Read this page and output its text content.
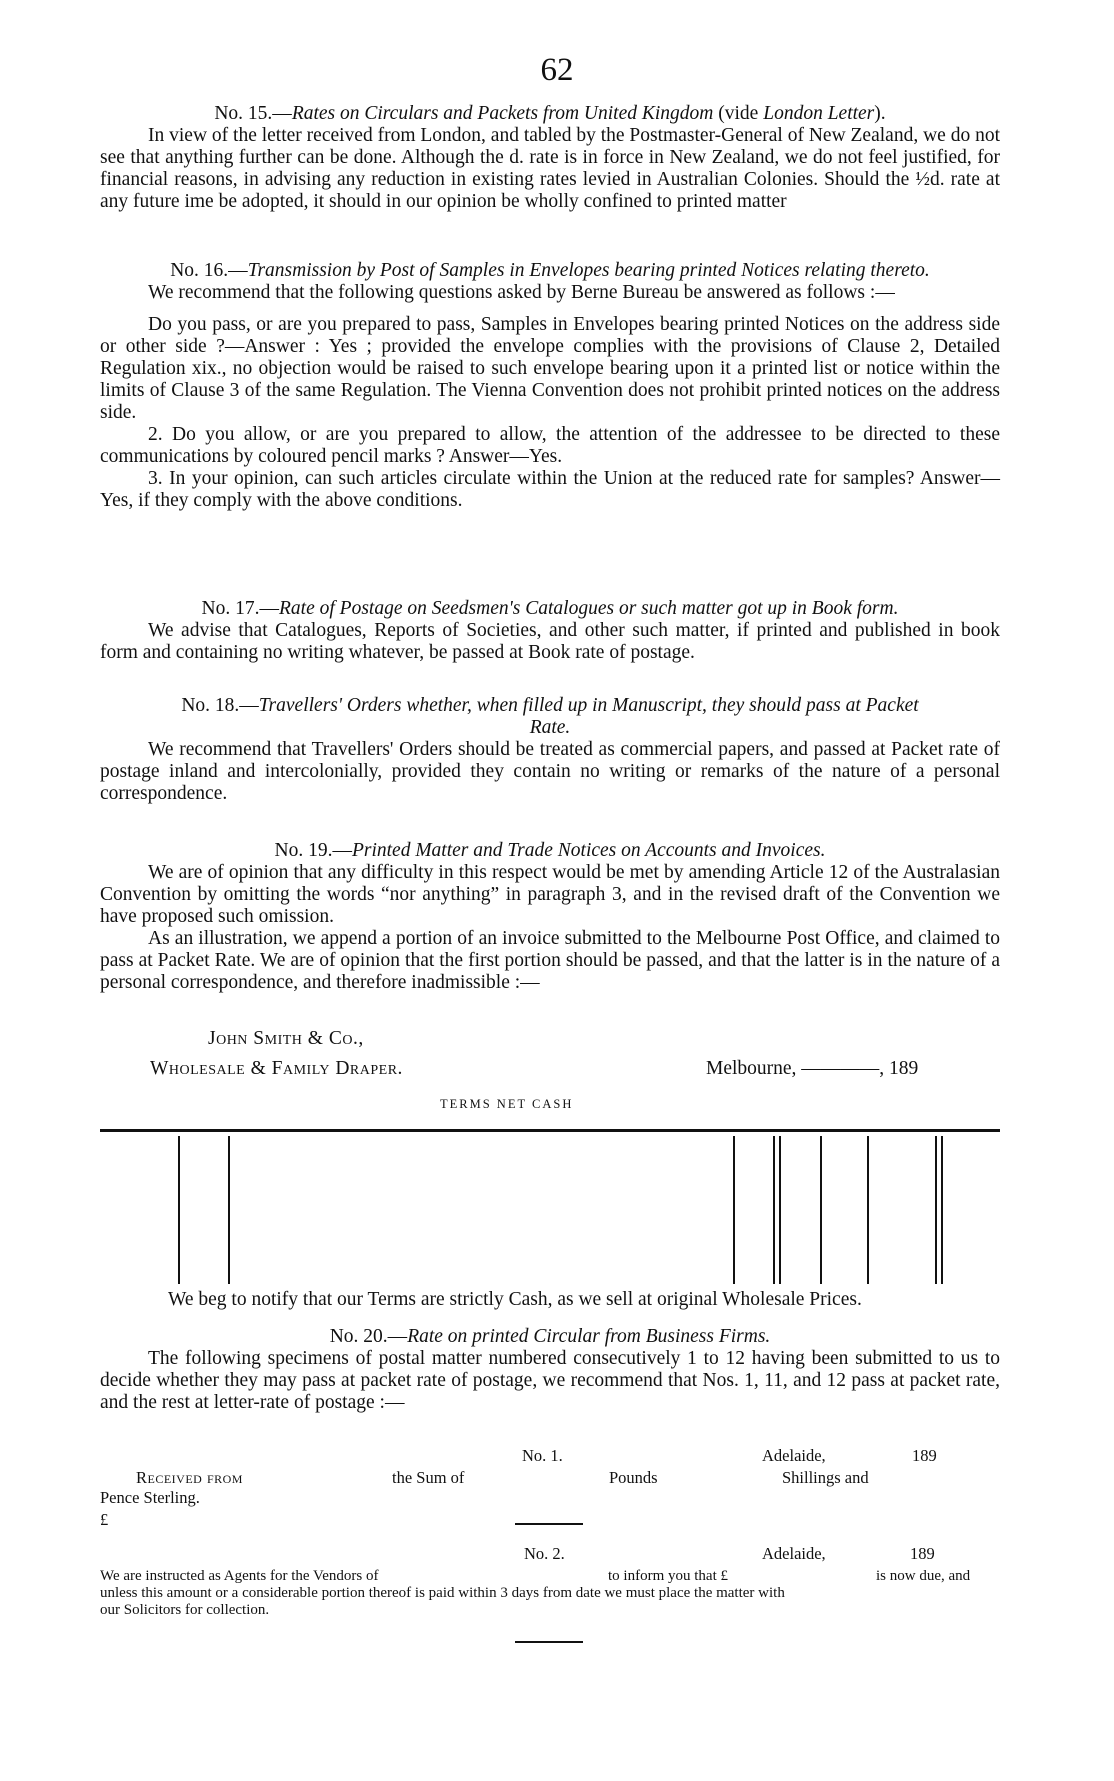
62
No. 15.—Rates on Circulars and Packets from United Kingdom (vide London Letter).

In view of the letter received from London, and tabled by the Postmaster-General of New Zealand, we do not see that anything further can be done. Although the d. rate is in force in New Zealand, we do not feel justified, for financial reasons, in advising any reduction in existing rates levied in Australian Colonies. Should the ½d. rate at any future ime be adopted, it should in our opinion be wholly confined to printed matter

No. 16.—Transmission by Post of Samples in Envelopes bearing printed Notices relating thereto.

We recommend that the following questions asked by Berne Bureau be answered as follows :—

Do you pass, or are you prepared to pass, Samples in Envelopes bearing printed Notices on the address side or other side ?—Answer : Yes ; provided the envelope complies with the provisions of Clause 2, Detailed Regulation xix., no objection would be raised to such envelope bearing upon it a printed list or notice within the limits of Clause 3 of the same Regulation. The Vienna Convention does not prohibit printed notices on the address side.

2. Do you allow, or are you prepared to allow, the attention of the addressee to be directed to these communications by coloured pencil marks ? Answer—Yes.

3. In your opinion, can such articles circulate within the Union at the reduced rate for samples? Answer—Yes, if they comply with the above conditions.

No. 17.—Rate of Postage on Seedsmen's Catalogues or such matter got up in Book form.

We advise that Catalogues, Reports of Societies, and other such matter, if printed and published in book form and containing no writing whatever, be passed at Book rate of postage.

No. 18.—Travellers' Orders whether, when filled up in Manuscript, they should pass at Packet Rate.

We recommend that Travellers' Orders should be treated as commercial papers, and passed at Packet rate of postage inland and intercolonially, provided they contain no writing or remarks of the nature of a personal correspondence.

No. 19.—Printed Matter and Trade Notices on Accounts and Invoices.

We are of opinion that any difficulty in this respect would be met by amending Article 12 of the Australasian Convention by omitting the words “nor anything” in paragraph 3, and in the revised draft of the Convention we have proposed such omission.

As an illustration, we append a portion of an invoice submitted to the Melbourne Post Office, and claimed to pass at Packet Rate. We are of opinion that the first portion should be passed, and that the latter is in the nature of a personal correspondence, and therefore inadmissible :—

John Smith & Co.,
Wholesale & Family Draper.	Melbourne, ————, 189
TERMS NET CASH
We beg to notify that our Terms are strictly Cash, as we sell at original Wholesale Prices.
No. 20.—Rate on printed Circular from Business Firms.

The following specimens of postal matter numbered consecutively 1 to 12 having been submitted to us to decide whether they may pass at packet rate of postage, we recommend that Nos. 1, 11, and 12 pass at packet rate, and the rest at letter-rate of postage :—

No. 1.	Adelaide,	189
Received from	the Sum of	Pounds	Shillings and
Pence Sterling.
£
No. 2.	Adelaide,	189
We are instructed as Agents for the Vendors of	to inform you that £	is now due, and
unless this amount or a considerable portion thereof is paid within 3 days from date we must place the matter with
our Solicitors for collection.
